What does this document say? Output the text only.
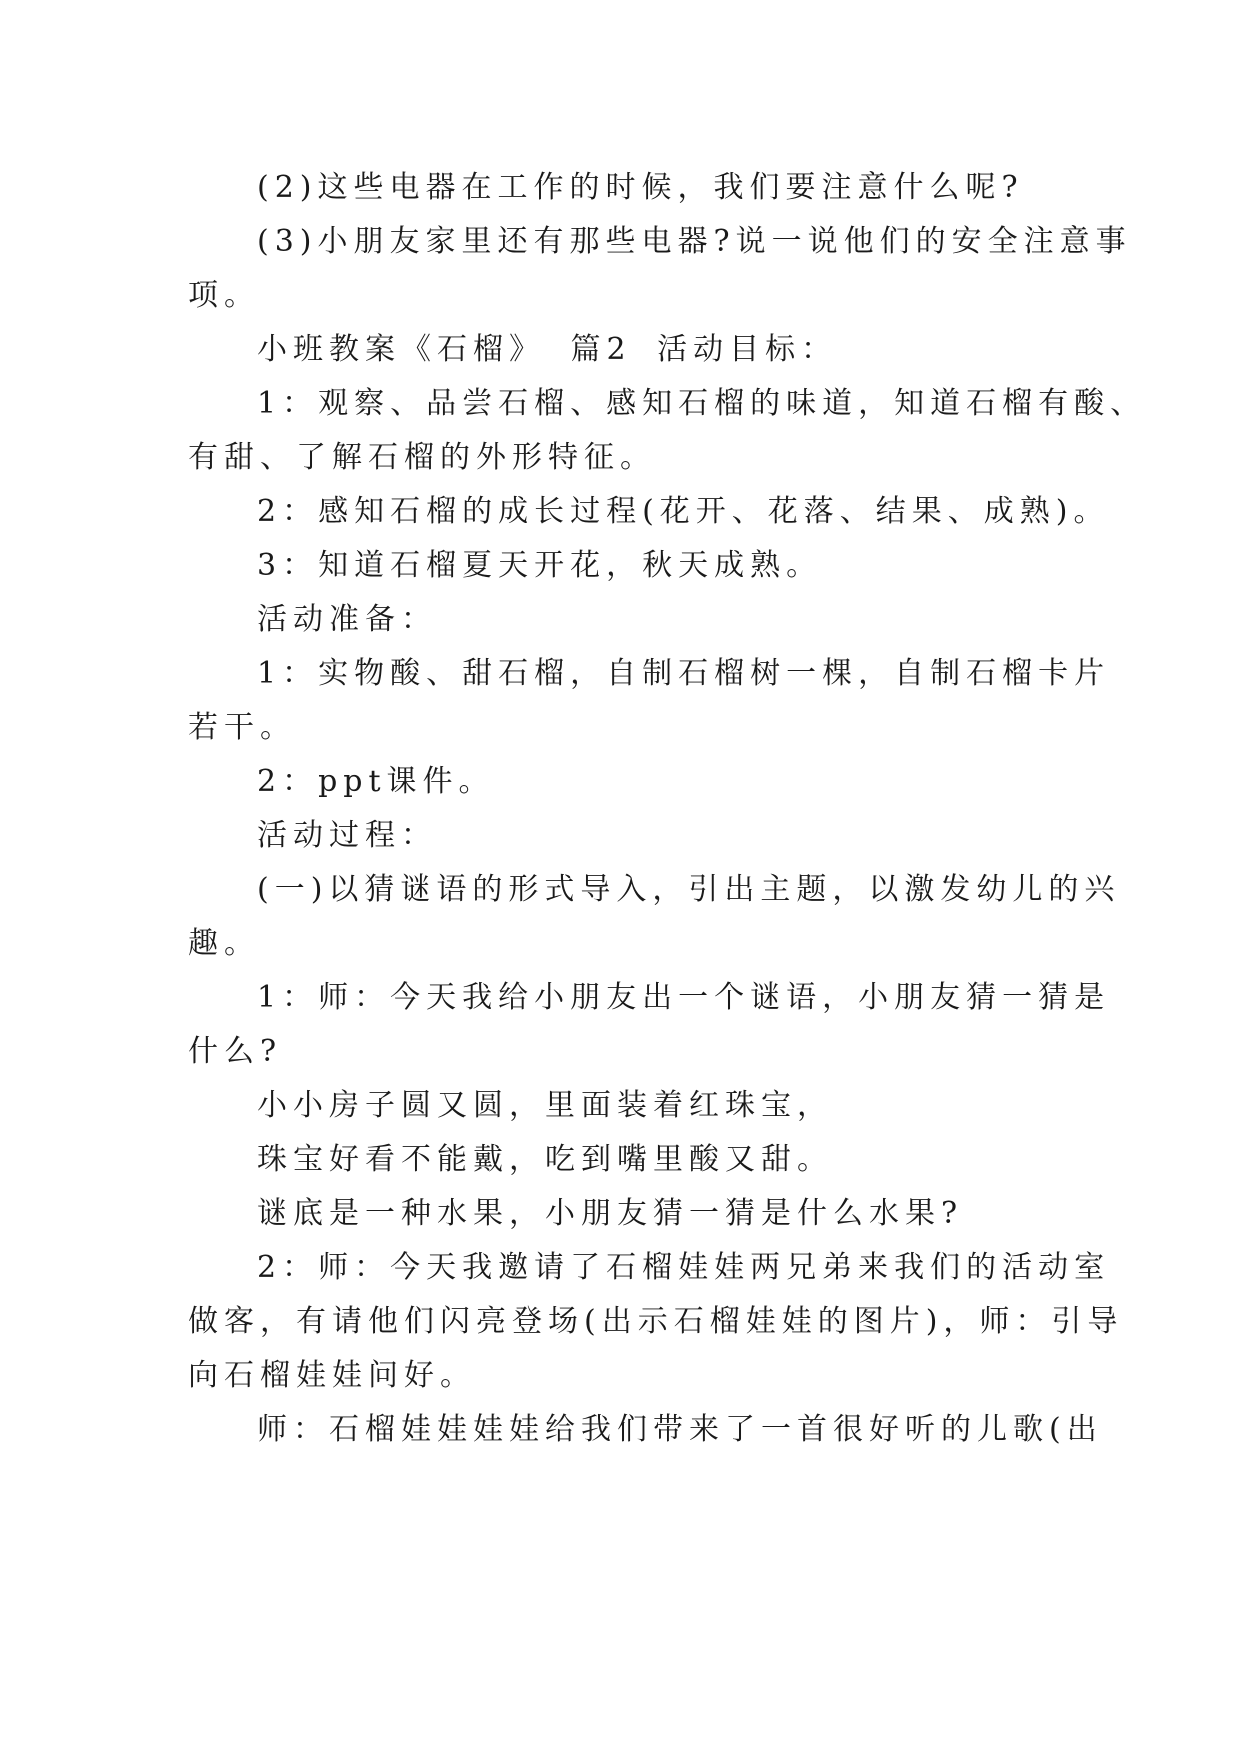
(2)这些电器在工作的时候，我们要注意什么呢?
(3)小朋友家里还有那些电器?说一说他们的安全注意事
项。
小班教案《石榴》 篇2 活动目标：
1：观察、品尝石榴、感知石榴的味道，知道石榴有酸、
有甜、了解石榴的外形特征。
2：感知石榴的成长过程(花开、花落、结果、成熟)。
3：知道石榴夏天开花，秋天成熟。
活动准备：
1：实物酸、甜石榴，自制石榴树一棵，自制石榴卡片
若干。
2：ppt课件。
活动过程：
(一)以猜谜语的形式导入，引出主题，以激发幼儿的兴
趣。
1：师：今天我给小朋友出一个谜语，小朋友猜一猜是
什么?
小小房子圆又圆，里面装着红珠宝，
珠宝好看不能戴，吃到嘴里酸又甜。
谜底是一种水果，小朋友猜一猜是什么水果?
2：师：今天我邀请了石榴娃娃两兄弟来我们的活动室
做客，有请他们闪亮登场(出示石榴娃娃的图片)，师：引导
向石榴娃娃问好。
师：石榴娃娃娃娃给我们带来了一首很好听的儿歌(出
